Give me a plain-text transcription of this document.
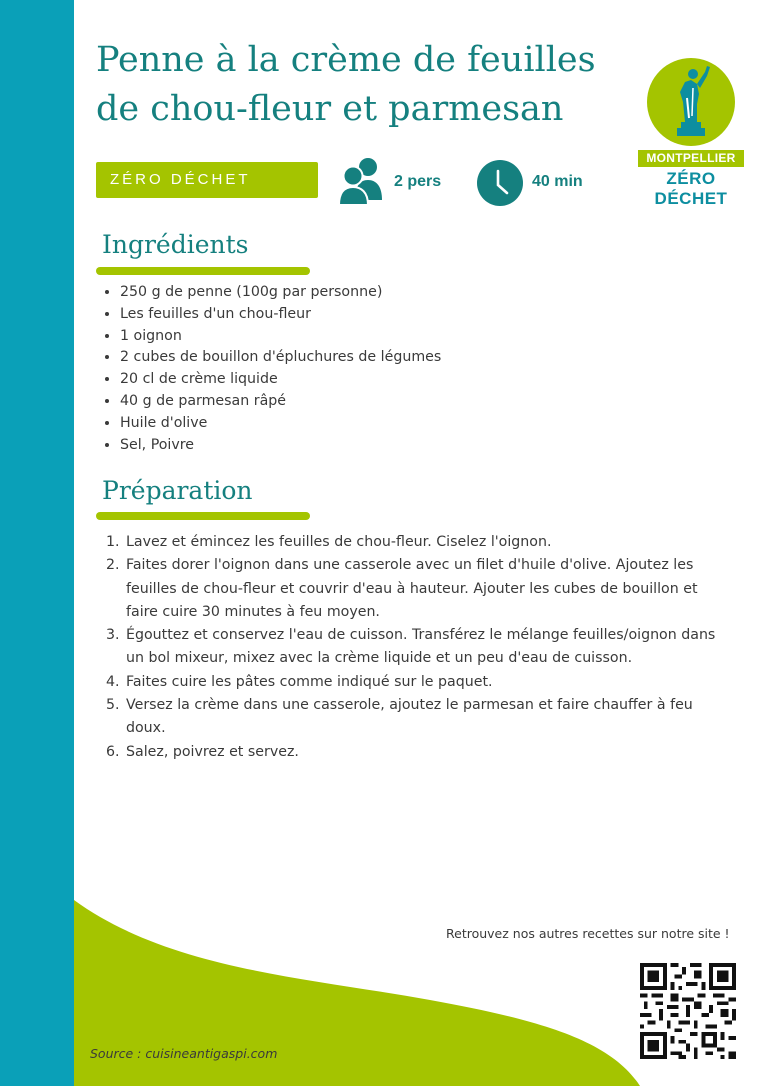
Penne à la crème de feuilles de chou-fleur et parmesan
MONTPELLIER
ZÉRO DÉCHET
ZÉRO DÉCHET	2 pers	40 min
Ingrédients
• 250 g de penne (100g par personne)
• Les feuilles d'un chou-fleur
• 1 oignon
• 2 cubes de bouillon d'épluchures de légumes
• 20 cl de crème liquide
• 40 g de parmesan râpé
• Huile d'olive
• Sel, Poivre
Préparation
1. Lavez et émincez les feuilles de chou-fleur. Ciselez l'oignon.
2. Faites dorer l'oignon dans une casserole avec un filet d'huile d'olive. Ajoutez les feuilles de chou-fleur et couvrir d'eau à hauteur. Ajouter les cubes de bouillon et faire cuire 30 minutes à feu moyen.
3. Égouttez et conservez l'eau de cuisson. Transférez le mélange feuilles/oignon dans un bol mixeur, mixez avec la crème liquide et un peu d'eau de cuisson.
4. Faites cuire les pâtes comme indiqué sur le paquet.
5. Versez la crème dans une casserole, ajoutez le parmesan et faire chauffer à feu doux.
6. Salez, poivrez et servez.
Retrouvez nos autres recettes sur notre site !
Source : cuisineantigaspi.com
